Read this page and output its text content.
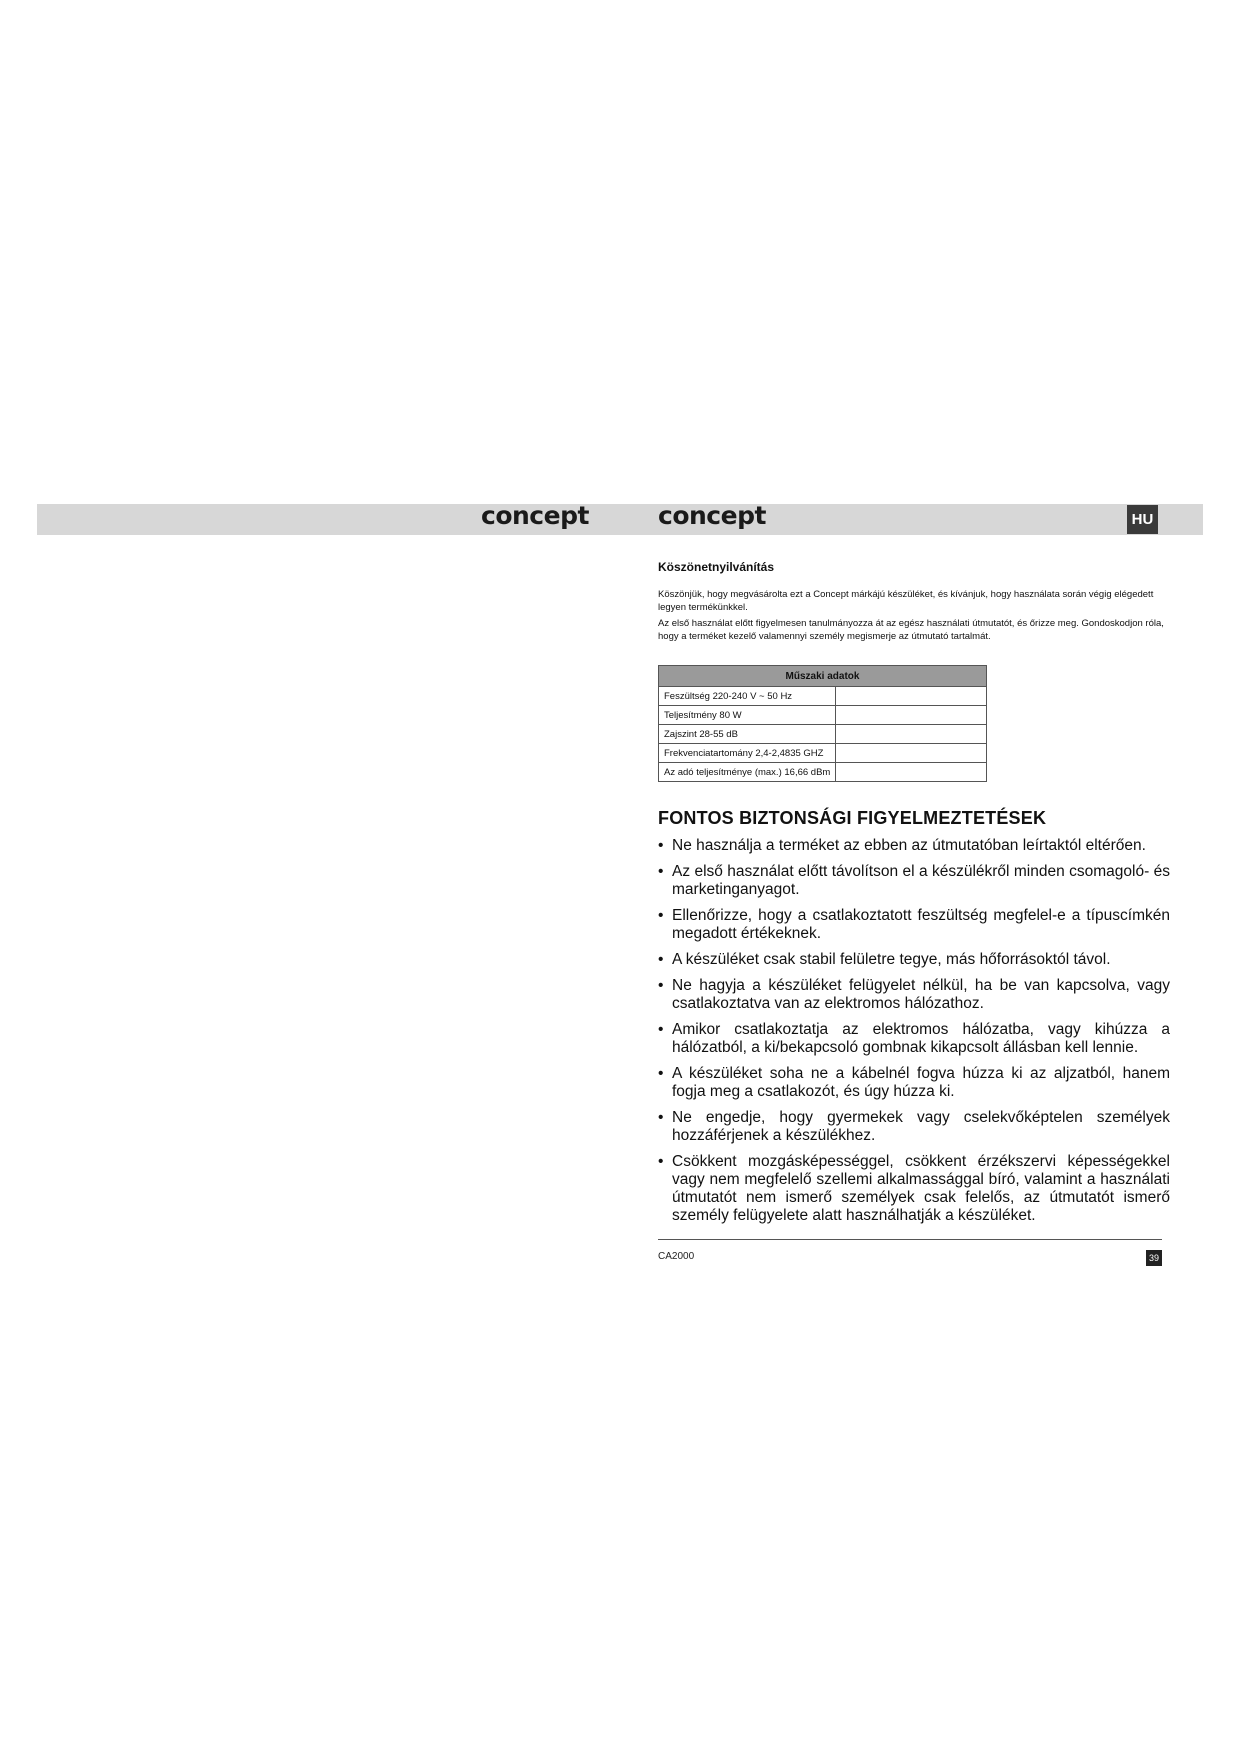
concept	concept	HU
Köszönetnyilvánítás

Köszönjük, hogy megvásárolta ezt a Concept márkájú készüléket, és kívánjuk, hogy használata során végig elégedett legyen termékünkkel.

Az első használat előtt figyelmesen tanulmányozza át az egész használati útmutatót, és őrizze meg. Gondoskodjon róla, hogy a terméket kezelő valamennyi személy megismerje az útmutató tartalmát.

Műszaki adatok	
Feszültség 220-240 V ~ 50 Hz	
Teljesítmény 80 W	
Zajszint 28-55 dB	
Frekvenciatartomány 2,4-2,4835 GHZ	
Az adó teljesítménye (max.) 16,66 dBm	
FONTOS BIZTONSÁGI FIGYELMEZTETÉSEK
• Ne használja a terméket az ebben az útmutatóban leírtaktól eltérően.
• Az első használat előtt távolítson el a készülékről minden csomagoló- és marketinganyagot.
• Ellenőrizze, hogy a csatlakoztatott feszültség megfelel-e a típuscímkén megadott értékeknek.
• A készüléket csak stabil felületre tegye, más hőforrásoktól távol.
• Ne hagyja a készüléket felügyelet nélkül, ha be van kapcsolva, vagy csatlakoztatva van az elektromos hálózathoz.
• Amikor csatlakoztatja az elektromos hálózatba, vagy kihúzza a hálózatból, a ki/bekapcsoló gombnak kikapcsolt állásban kell lennie.
• A készüléket soha ne a kábelnél fogva húzza ki az aljzatból, hanem fogja meg a csatlakozót, és úgy húzza ki.
• Ne engedje, hogy gyermekek vagy cselekvőképtelen személyek hozzáférjenek a készülékhez.
• Csökkent mozgásképességgel, csökkent érzékszervi képességekkel vagy nem megfelelő szellemi alkalmassággal bíró, valamint a használati útmutatót nem ismerő személyek csak felelős, az útmutatót ismerő személy felügyelete alatt használhatják a készüléket.
CA2000	39
